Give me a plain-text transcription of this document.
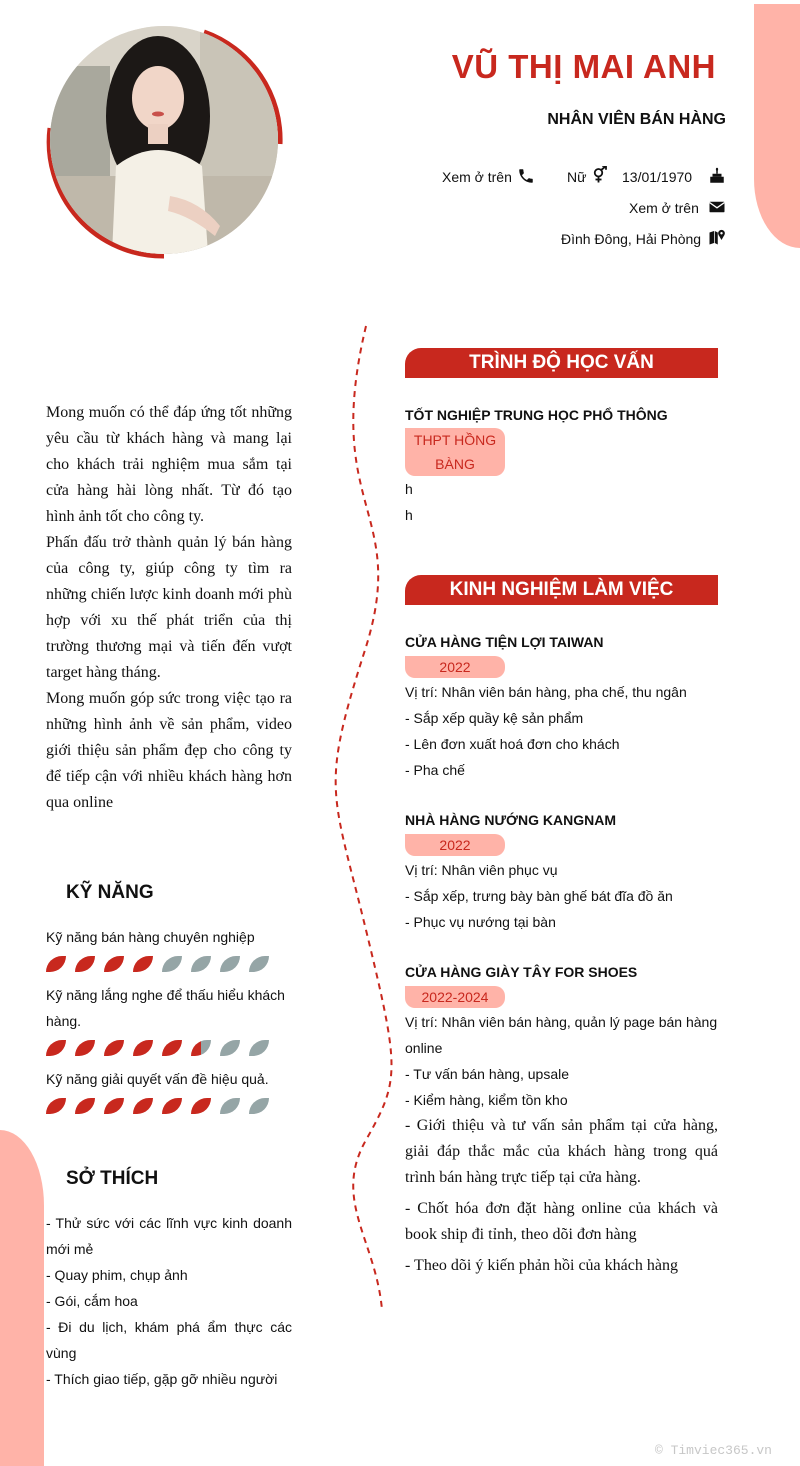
VŨ THỊ MAI ANH
NHÂN VIÊN BÁN HÀNG
Xem ở trên	Nữ	13/01/1970
Xem ở trên
Đình Đông, Hải Phòng
Mong muốn có thể đáp ứng tốt những yêu cầu từ khách hàng và mang lại cho khách trải nghiệm mua sắm tại cửa hàng hài lòng nhất. Từ đó tạo hình ảnh tốt cho công ty.
Phấn đấu trở thành quản lý bán hàng của công ty, giúp công ty tìm ra những chiến lược kinh doanh mới phù hợp với xu thế phát triển của thị trường thương mại và tiến đến vượt target hàng tháng.
Mong muốn góp sức trong việc tạo ra những hình ảnh về sản phẩm, video giới thiệu sản phẩm đẹp cho công ty để tiếp cận với nhiều khách hàng hơn qua online
KỸ NĂNG
Kỹ năng bán hàng chuyên nghiệp
Kỹ năng lắng nghe để thấu hiểu khách hàng.
Kỹ năng giải quyết vấn đề hiệu quả.
SỞ THÍCH
- Thử sức với các lĩnh vực kinh doanh mới mẻ
- Quay phim, chụp ảnh
- Gói, cắm hoa
- Đi du lịch, khám phá ẩm thực các vùng
- Thích giao tiếp, gặp gỡ nhiều người
TRÌNH ĐỘ HỌC VẤN
TỐT NGHIỆP TRUNG HỌC PHỔ THÔNG
THPT HỒNG BÀNG
h
h
KINH NGHIỆM LÀM VIỆC
CỬA HÀNG TIỆN LỢI TAIWAN
2022
Vị trí: Nhân viên bán hàng, pha chế, thu ngân
- Sắp xếp quầy kệ sản phẩm
- Lên đơn xuất hoá đơn cho khách
- Pha chế
NHÀ HÀNG NƯỚNG KANGNAM
2022
Vị trí: Nhân viên phục vụ
- Sắp xếp, trưng bày bàn ghế bát đĩa đồ ăn
- Phục vụ nướng tại bàn
CỬA HÀNG GIÀY TÂY FOR SHOES
2022-2024
Vị trí: Nhân viên bán hàng, quản lý page bán hàng online
- Tư vấn bán hàng, upsale
- Kiểm hàng, kiểm tồn kho
- Giới thiệu và tư vấn sản phẩm tại cửa hàng, giải đáp thắc mắc của khách hàng trong quá trình bán hàng trực tiếp tại cửa hàng.
- Chốt hóa đơn đặt hàng online của khách và book ship đi tỉnh, theo dõi đơn hàng
- Theo dõi ý kiến phản hồi của khách hàng
© Timviec365.vn
